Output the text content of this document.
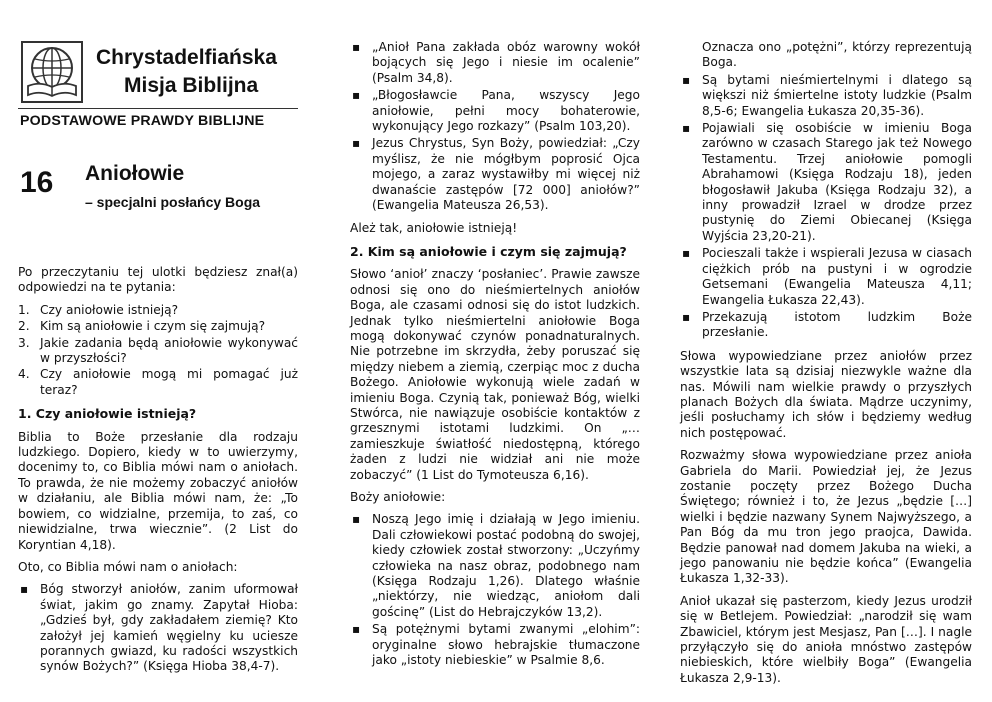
Chrystadelfiańska
Misja Biblijna
PODSTAWOWE PRAWDY BIBLIJNE
16 Aniołowie
– specjalni posłańcy Boga

Po przeczytaniu tej ulotki będziesz znał(a) odpowiedzi na te pytania:

1. Czy aniołowie istnieją?
2. Kim są aniołowie i czym się zajmują?
3. Jakie zadania będą aniołowie wykonywać w przyszłości?
4. Czy aniołowie mogą mi pomagać już teraz?
1. Czy aniołowie istnieją?

Biblia to Boże przesłanie dla rodzaju ludzkiego. Dopiero, kiedy w to uwierzymy, docenimy to, co Biblia mówi nam o aniołach. To prawda, że nie możemy zobaczyć aniołów w działaniu, ale Biblia mówi nam, że: „To bowiem, co widzialne, przemija, to zaś, co niewidzialne, trwa wiecznie”. (2 List do Koryntian 4,18).

Oto, co Biblia mówi nam o aniołach:

▪ Bóg stworzył aniołów, zanim uformował świat, jakim go znamy. Zapytał Hioba: „Gdzieś był, gdy zakładałem ziemię? Kto założył jej kamień węgielny ku uciesze porannych gwiazd, ku radości wszystkich synów Bożych?” (Księga Hioba 38,4-7).
▪ „Anioł Pana zakłada obóz warowny wokół bojących się Jego i niesie im ocalenie” (Psalm 34,8).
▪ „Błogosławcie Pana, wszyscy Jego aniołowie, pełni mocy bohaterowie, wykonujący Jego rozkazy” (Psalm 103,20).
▪ Jezus Chrystus, Syn Boży, powiedział: „Czy myślisz, że nie mógłbym poprosić Ojca mojego, a zaraz wystawiłby mi więcej niż dwanaście zastępów [72 000] aniołów?” (Ewangelia Mateusza 26,53).

Ależ tak, aniołowie istnieją!

2. Kim są aniołowie i czym się zajmują?

Słowo ‘anioł’ znaczy ‘posłaniec’. Prawie zawsze odnosi się ono do nieśmiertelnych aniołów Boga, ale czasami odnosi się do istot ludzkich. Jednak tylko nieśmiertelni aniołowie Boga mogą dokonywać czynów ponadnaturalnych. Nie potrzebne im skrzydła, żeby poruszać się między niebem a ziemią, czerpiąc moc z ducha Bożego. Aniołowie wykonują wiele zadań w imieniu Boga. Czynią tak, ponieważ Bóg, wielki Stwórca, nie nawiązuje osobiście kontaktów z grzesznymi istotami ludzkimi. On „…zamieszkuje światłość niedostępną, którego żaden z ludzi nie widział ani nie może zobaczyć” (1 List do Tymoteusza 6,16).

Boży aniołowie:

▪ Noszą Jego imię i działają w Jego imieniu. Dali człowiekowi postać podobną do swojej, kiedy człowiek został stworzony: „Uczyńmy człowieka na nasz obraz, podobnego nam (Księga Rodzaju 1,26). Dlatego właśnie „niektórzy, nie wiedząc, aniołom dali gościnę” (List do Hebrajczyków 13,2).
▪ Są potężnymi bytami zwanymi „elohim”: oryginalne słowo hebrajskie tłumaczone jako „istoty niebieskie” w Psalmie 8,6.

Oznacza ono „potężni”, którzy reprezentują Boga.

▪ Są bytami nieśmiertelnymi i dlatego są większi niż śmiertelne istoty ludzkie (Psalm 8,5-6; Ewangelia Łukasza 20,35-36).
▪ Pojawiali się osobiście w imieniu Boga zarówno w czasach Starego jak też Nowego Testamentu. Trzej aniołowie pomogli Abrahamowi (Księga Rodzaju 18), jeden błogosławił Jakuba (Księga Rodzaju 32), a inny prowadził Izrael w drodze przez pustynię do Ziemi Obiecanej (Księga Wyjścia 23,20-21).
▪ Pocieszali także i wspierali Jezusa w ciasach ciężkich prób na pustyni i w ogrodzie Getsemani (Ewangelia Mateusza 4,11; Ewangelia Łukasza 22,43).
▪ Przekazują istotom ludzkim Boże przesłanie.

Słowa wypowiedziane przez aniołów przez wszystkie lata są dzisiaj niezwykle ważne dla nas. Mówili nam wielkie prawdy o przyszłych planach Bożych dla świata. Mądrze uczynimy, jeśli posłuchamy ich słów i będziemy według nich postępować.

Rozważmy słowa wypowiedziane przez anioła Gabriela do Marii. Powiedział jej, że Jezus zostanie poczęty przez Bożego Ducha Świętego; również i to, że Jezus „będzie […] wielki i będzie nazwany Synem Najwyższego, a Pan Bóg da mu tron jego praojca, Dawida. Będzie panował nad domem Jakuba na wieki, a jego panowaniu nie będzie końca” (Ewangelia Łukasza 1,32-33).

Anioł ukazał się pasterzom, kiedy Jezus urodził się w Betlejem. Powiedział: „narodził się wam Zbawiciel, którym jest Mesjasz, Pan […]. I nagle przyłączyło się do anioła mnóstwo zastępów niebieskich, które wielbiły Boga” (Ewangelia Łukasza 2,9-13).
